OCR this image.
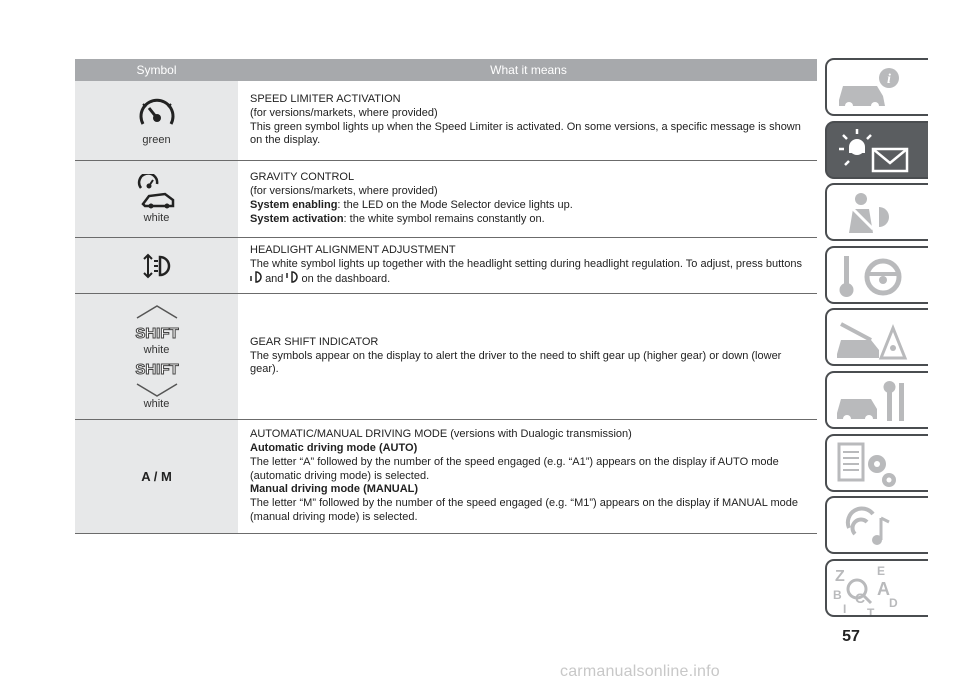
Symbol	What it means
green
SPEED LIMITER ACTIVATION
(for versions/markets, where provided)
This green symbol lights up when the Speed Limiter is activated. On some versions, a specific message is shown on the display.
white
GRAVITY CONTROL
(for versions/markets, where provided)
System enabling: the LED on the Mode Selector device lights up.
System activation: the white symbol remains constantly on.
HEADLIGHT ALIGNMENT ADJUSTMENT
The white symbol lights up together with the headlight setting during headlight regulation. To adjust, press buttons  and on the dashboard.
SHIFT
white
SHIFT
white
GEAR SHIFT INDICATOR
The symbols appear on the display to alert the driver to the need to shift gear up (higher gear) or down (lower gear).
A / M
AUTOMATIC/MANUAL DRIVING MODE (versions with Dualogic transmission)
Automatic driving mode (AUTO)
The letter “A” followed by the number of the speed engaged (e.g. “A1”) appears on the display if AUTO mode (automatic driving mode) is selected.
Manual driving mode (MANUAL)
The letter “M” followed by the number of the speed engaged (e.g. “M1”) appears on the display if MANUAL mode (manual driving mode) is selected.
i
Z	E
A
B C D
I T
57
carmanualsonline.info
